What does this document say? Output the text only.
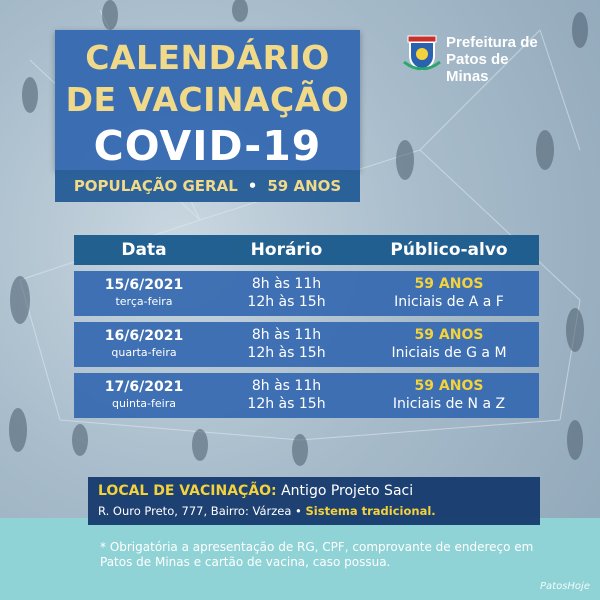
CALENDÁRIO
DE VACINAÇÃO
COVID-19
POPULAÇÃO GERAL • 59 ANOS
Prefeitura de
Patos de Minas
Data	Horário	Público-alvo
15/6/2021
terça-feira
8h às 11h
12h às 15h
59 ANOS
Iniciais de A a F
16/6/2021
quarta-feira
8h às 11h
12h às 15h
59 ANOS
Iniciais de G a M
17/6/2021
quinta-feira
8h às 11h
12h às 15h
59 ANOS
Iniciais de N a Z
LOCAL DE VACINAÇÃO: Antigo Projeto Saci
R. Ouro Preto, 777, Bairro: Várzea • Sistema tradicional.
* Obrigatória a apresentação de RG, CPF, comprovante de endereço em Patos de Minas e cartão de vacina, caso possua.
PatosHoje
